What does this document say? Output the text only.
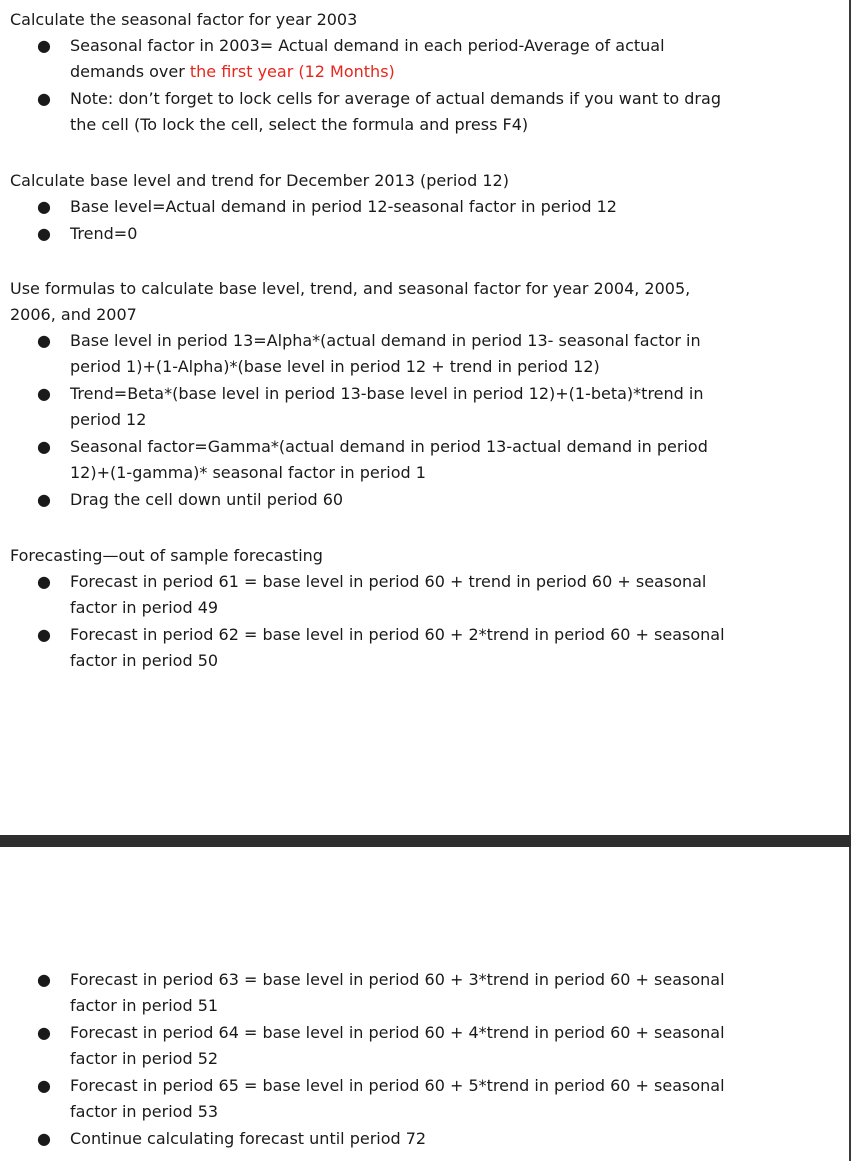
Calculate the seasonal factor for year 2003

● Seasonal factor in 2003= Actual demand in each period-Average of actual demands over the first year (12 Months)
● Note: don’t forget to lock cells for average of actual demands if you want to drag the cell (To lock the cell, select the formula and press F4)

Calculate base level and trend for December 2013 (period 12)

● Base level=Actual demand in period 12-seasonal factor in period 12
● Trend=0

Use formulas to calculate base level, trend, and seasonal factor for year 2004, 2005, 2006, and 2007

● Base level in period 13=Alpha*(actual demand in period 13- seasonal factor in period 1)+(1-Alpha)*(base level in period 12 + trend in period 12)
● Trend=Beta*(base level in period 13-base level in period 12)+(1-beta)*trend in period 12
● Seasonal factor=Gamma*(actual demand in period 13-actual demand in period 12)+(1-gamma)* seasonal factor in period 1
● Drag the cell down until period 60

Forecasting—out of sample forecasting

● Forecast in period 61 = base level in period 60 + trend in period 60 + seasonal factor in period 49
● Forecast in period 62 = base level in period 60 + 2*trend in period 60 + seasonal factor in period 50
● Forecast in period 63 = base level in period 60 + 3*trend in period 60 + seasonal factor in period 51
● Forecast in period 64 = base level in period 60 + 4*trend in period 60 + seasonal factor in period 52
● Forecast in period 65 = base level in period 60 + 5*trend in period 60 + seasonal factor in period 53
● Continue calculating forecast until period 72
